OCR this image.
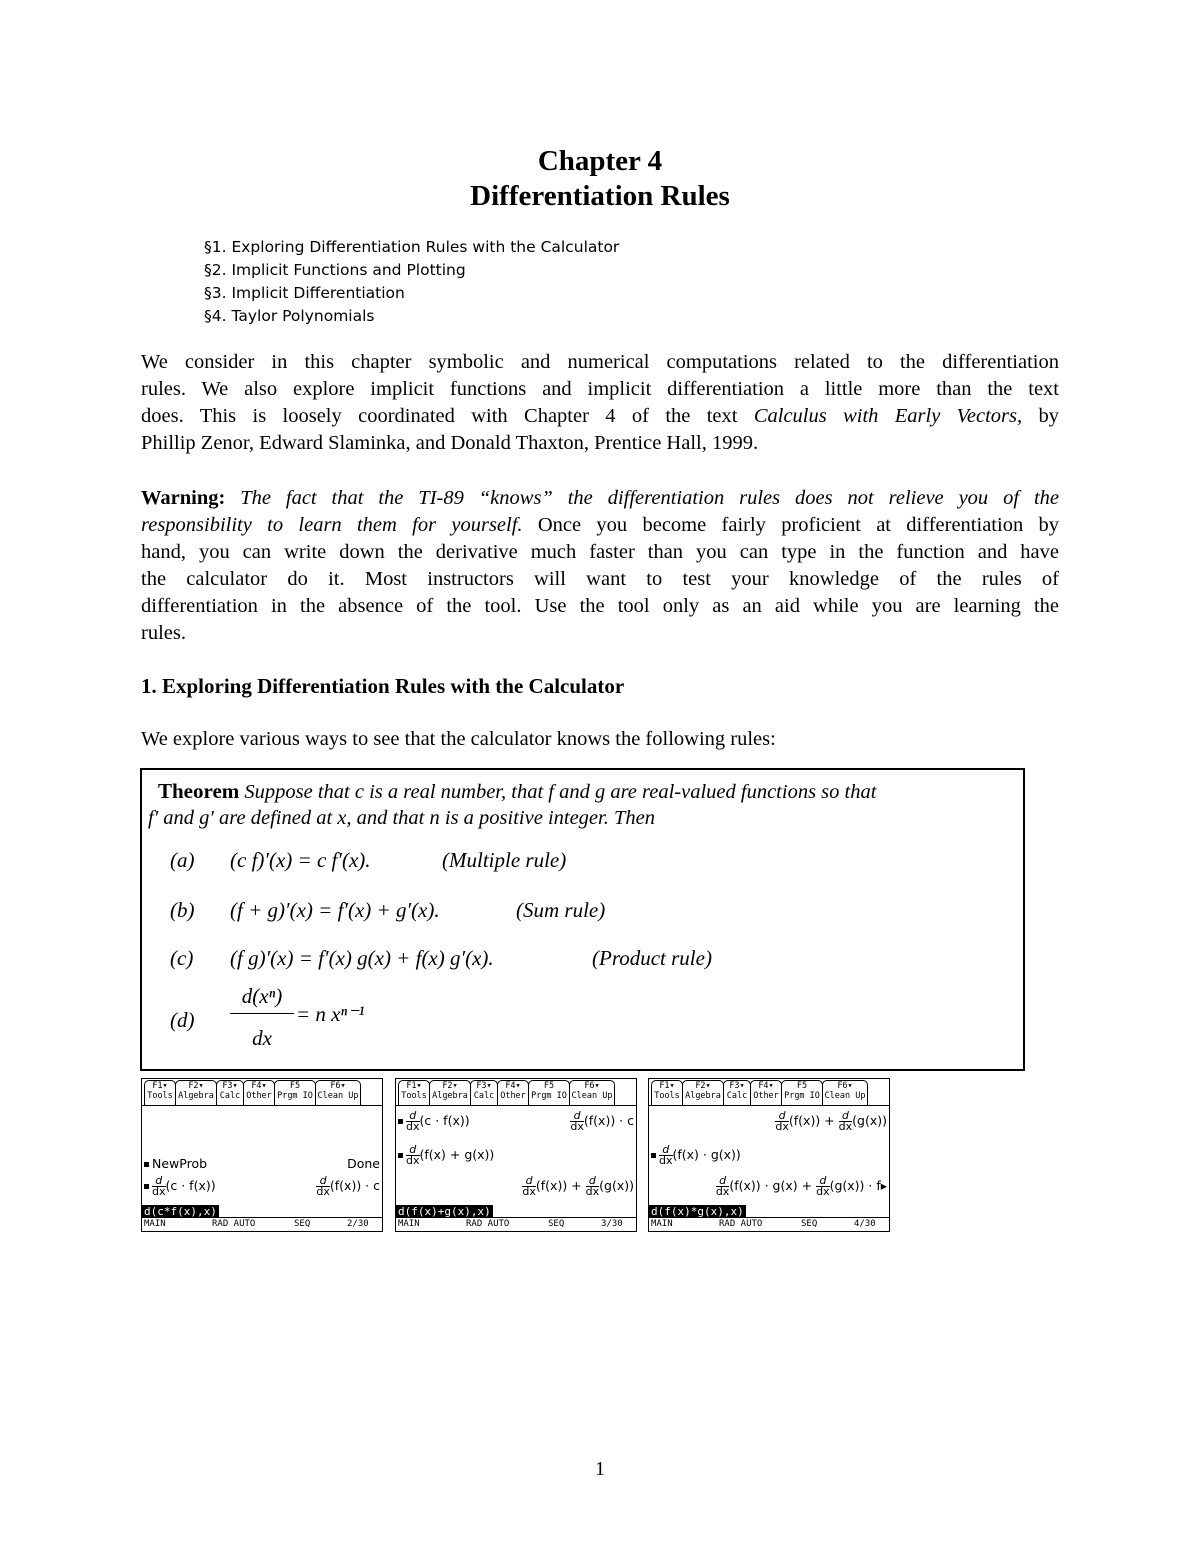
Chapter 4
Differentiation Rules
§1. Exploring Differentiation Rules with the Calculator
§2. Implicit Functions and Plotting
§3. Implicit Differentiation
§4. Taylor Polynomials
We consider in this chapter symbolic and numerical computations related to the differentiation
rules. We also explore implicit functions and implicit differentiation a little more than the text
does. This is loosely coordinated with Chapter 4 of the text Calculus with Early Vectors, by
Phillip Zenor, Edward Slaminka, and Donald Thaxton, Prentice Hall, 1999.
Warning: The fact that the TI-89 “knows” the differentiation rules does not relieve you of the
responsibility to learn them for yourself. Once you become fairly proficient at differentiation by
hand, you can write down the derivative much faster than you can type in the function and have
the calculator do it. Most instructors will want to test your knowledge of the rules of
differentiation in the absence of the tool. Use the tool only as an aid while you are learning the
rules.
1. Exploring Differentiation Rules with the Calculator
We explore various ways to see that the calculator knows the following rules:
Theorem Suppose that c is a real number, that f and g are real-valued functions so that
f′ and g′ are defined at x, and that n is a positive integer. Then
(a) (c f)′(x) = c f′(x).	(Multiple rule)
(b) (f + g)′(x) = f′(x) + g′(x).	(Sum rule)
(c) (f g)′(x) = f′(x) g(x) + f(x) g′(x).	(Product rule)
(d)
d(xⁿ)
dx
= n xⁿ⁻¹
F1▾
Tools
F2▾
Algebra
F3▾
Calc
F4▾
Other
F5
Prgm IO
F6▾
Clean Up
NewProb	Done
$\frac{d}{dx} (c \cdot f(x))$	$\frac{d}{dx} (f(x)) \cdot c$
d(c*f(x),x)
MAIN	RAD AUTO	SEQ	2/30
F1▾
Tools
F2▾
Algebra
F3▾
Calc
F4▾
Other
F5
Prgm IO
F6▾
Clean Up
$\frac{d}{dx} (c \cdot f(x))$	$\frac{d}{dx} (f(x)) \cdot c$
$\frac{d}{dx} (f(x) + g(x))$
$\frac{d}{dx} (f(x)) + \frac{d}{dx} (g(x))$
d(f(x)+g(x),x)
MAIN	RAD AUTO	SEQ	3/30
F1▾
Tools
F2▾
Algebra
F3▾
Calc
F4▾
Other
F5
Prgm IO
F6▾
Clean Up
$\frac{d}{dx} (f(x)) + \frac{d}{dx} (g(x))$
$\frac{d}{dx} (f(x) \cdot g(x))$
$\frac{d}{dx} (f(x)) \cdot g(x) + \frac{d}{dx} (g(x))$ · f▸
d(f(x)*g(x),x)
MAIN	RAD AUTO	SEQ	4/30
1
